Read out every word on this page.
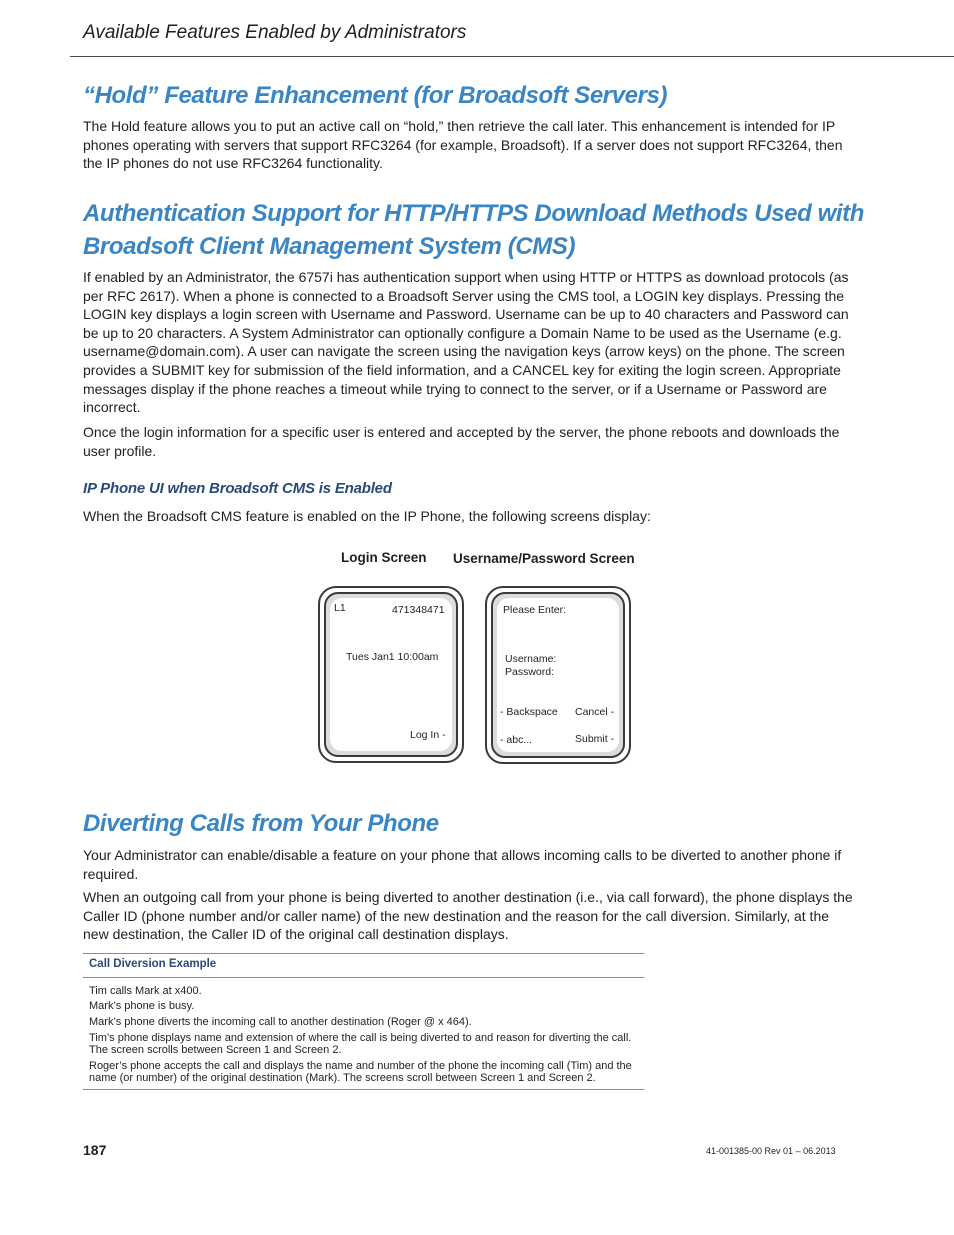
Available Features Enabled by Administrators
“Hold” Feature Enhancement (for Broadsoft Servers)
The Hold feature allows you to put an active call on “hold,” then retrieve the call later. This enhancement is intended for IP phones operating with servers that support RFC3264 (for example, Broadsoft). If a server does not support RFC3264, then the IP phones do not use RFC3264 functionality.
Authentication Support for HTTP/HTTPS Download Methods Used with
Broadsoft Client Management System (CMS)
If enabled by an Administrator, the 6757i has authentication support when using HTTP or HTTPS as download protocols (as per RFC 2617). When a phone is connected to a Broadsoft Server using the CMS tool, a LOGIN key displays. Pressing the LOGIN key displays a login screen with Username and Password. Username can be up to 40 characters and Password can be up to 20 characters. A System Administrator can optionally configure a Domain Name to be used as the Username (e.g. username@domain.com). A user can navigate the screen using the navigation keys (arrow keys) on the phone. The screen provides a SUBMIT key for submission of the field information, and a CANCEL key for exiting the login screen. Appropriate messages display if the phone reaches a timeout while trying to connect to the server, or if a Username or Password are incorrect.
Once the login information for a specific user is entered and accepted by the server, the phone reboots and downloads the user profile.
IP Phone UI when Broadsoft CMS is Enabled
When the Broadsoft CMS feature is enabled on the IP Phone, the following screens display:
Login Screen Username/Password Screen
L1	471348471
Tues Jan1 10:00am
Log In -
Please Enter:
Username:
Password:
- Backspace Cancel -
- abc...	Submit -
Diverting Calls from Your Phone
Your Administrator can enable/disable a feature on your phone that allows incoming calls to be diverted to another phone if required.
When an outgoing call from your phone is being diverted to another destination (i.e., via call forward), the phone displays the Caller ID (phone number and/or caller name) of the new destination and the reason for the call diversion. Similarly, at the new destination, the Caller ID of the original call destination displays.
Call Diversion Example
Tim calls Mark at x400.
Mark’s phone is busy.
Mark’s phone diverts the incoming call to another destination (Roger @ x 464).
Tim’s phone displays name and extension of where the call is being diverted to and reason for diverting the call. The screen scrolls between Screen 1 and Screen 2.
Roger’s phone accepts the call and displays the name and number of the phone the incoming call (Tim) and the name (or number) of the original destination (Mark). The screens scroll between Screen 1 and Screen 2.
187	41-001385-00 Rev 01 – 06.2013
